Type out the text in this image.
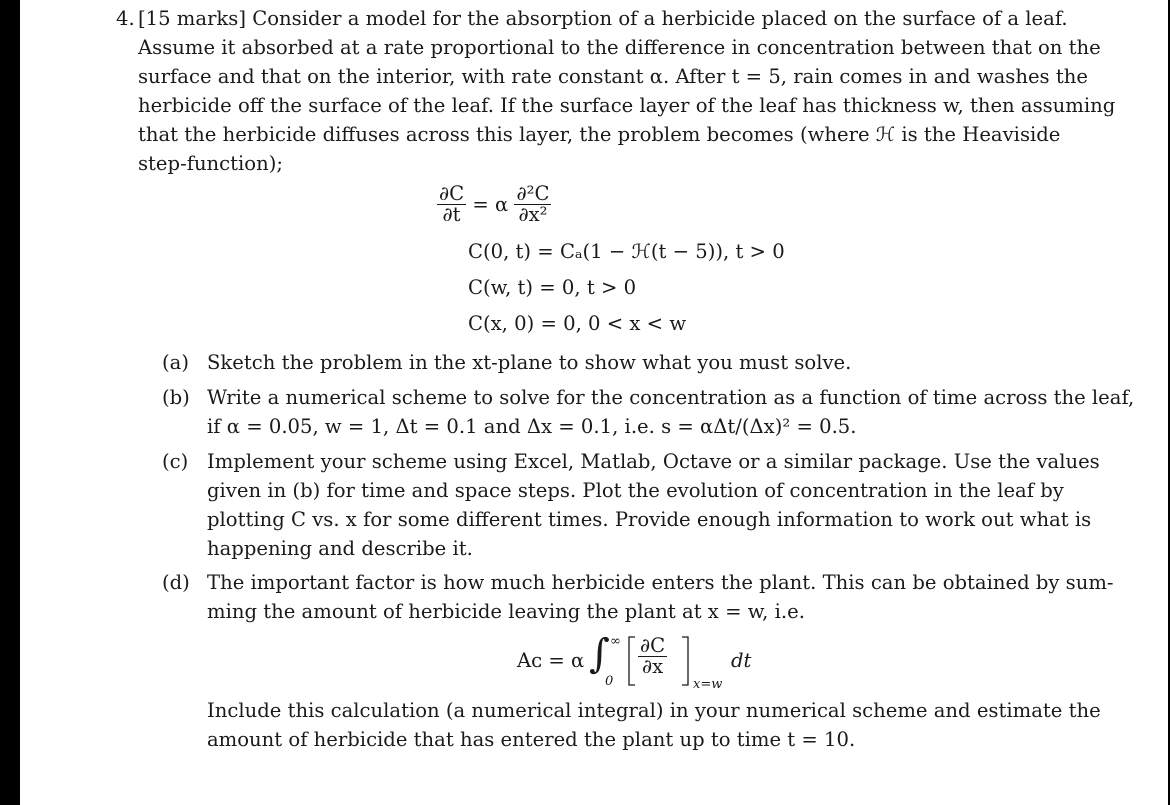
4. [15 marks] Consider a model for the absorption of a herbicide placed on the surface of a leaf.
Assume it absorbed at a rate proportional to the difference in concentration between that on the
surface and that on the interior, with rate constant α. After t = 5, rain comes in and washes the
herbicide off the surface of the leaf. If the surface layer of the leaf has thickness w, then assuming
that the herbicide diffuses across this layer, the problem becomes (where ℋ is the Heaviside
step-function);
$\frac{\partial C}{\partial t} = \alpha \frac{\text{∂²C}}{\text{∂x²}}$
C(0, t) = Cₐ(1 − ℋ(t − 5)), t > 0
C(w, t) = 0, t > 0
C(x, 0) = 0, 0 < x < w
(a) Sketch the problem in the xt-plane to show what you must solve.
(b) Write a numerical scheme to solve for the concentration as a function of time across the leaf,
if α = 0.05, w = 1, Δt = 0.1 and Δx = 0.1, i.e. s = αΔt/(Δx)² = 0.5.
(c) Implement your scheme using Excel, Matlab, Octave or a similar package. Use the values
given in (b) for time and space steps. Plot the evolution of concentration in the leaf by
plotting C vs. x for some different times. Provide enough information to work out what is
happening and describe it.
(d) The important factor is how much herbicide enters the plant. This can be obtained by sum-
ming the amount of herbicide leaving the plant at x = w, i.e.
Aᴄ = α ∫ ∞
0
$\frac{\partial C}{\partial x}$
x=w
dt
Include this calculation (a numerical integral) in your numerical scheme and estimate the
amount of herbicide that has entered the plant up to time t = 10.
